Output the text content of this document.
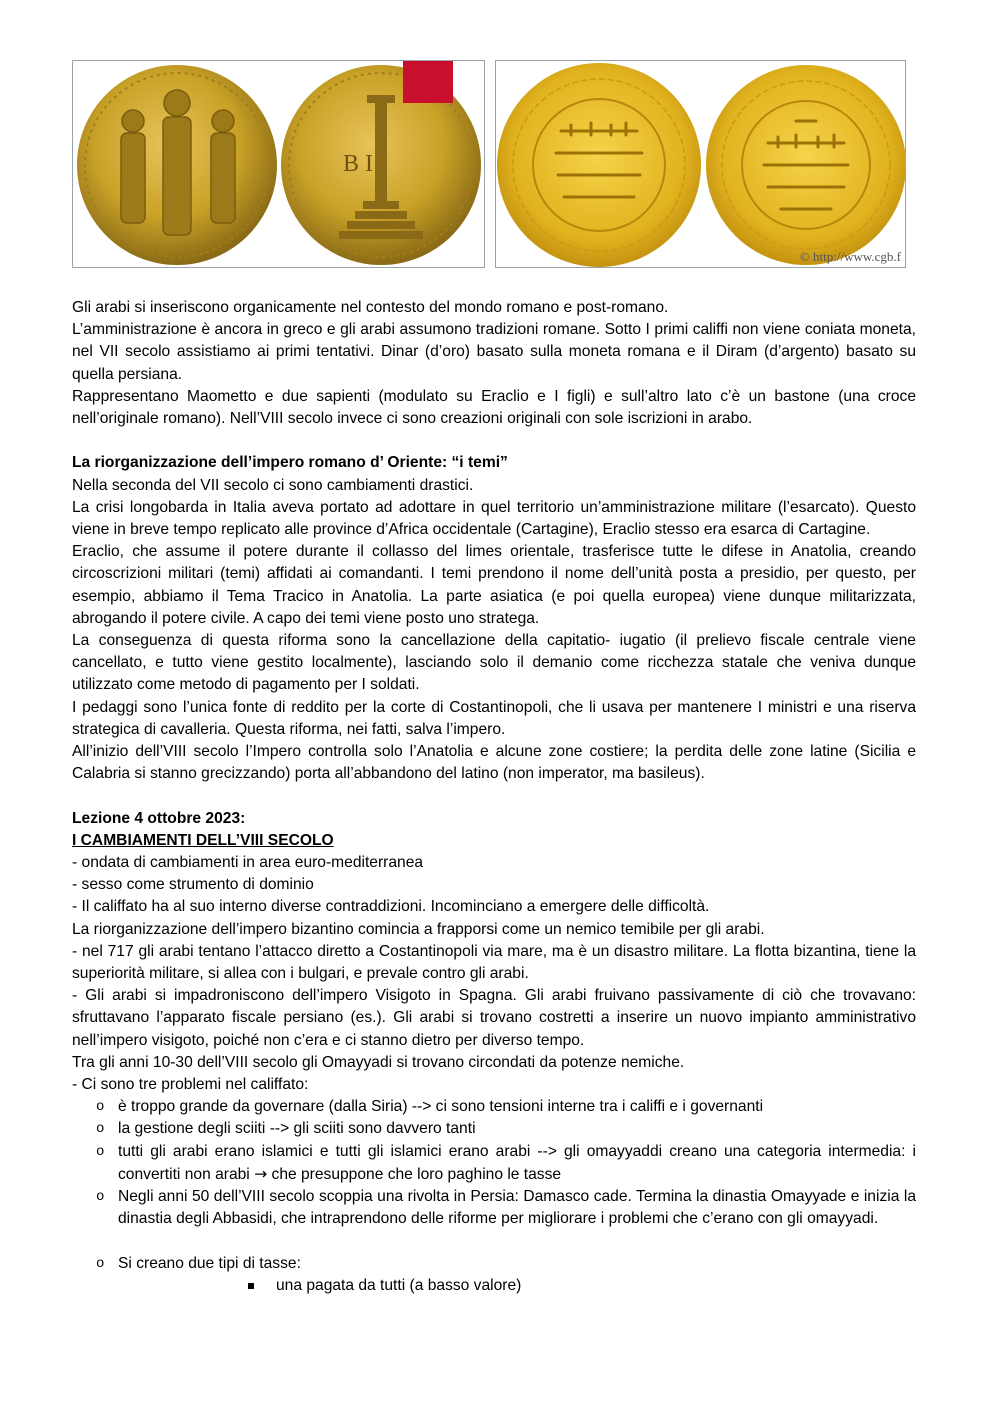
B I
© http://www.cgb.f

Gli arabi si inseriscono organicamente nel contesto del mondo romano e post-romano.

L’amministrazione è ancora in greco e gli arabi assumono tradizioni romane. Sotto I primi califfi non viene coniata moneta, nel VII secolo assistiamo ai primi tentativi. Dinar (d’oro) basato sulla moneta romana e il Diram (d’argento) basato su quella persiana.

Rappresentano Maometto e due sapienti (modulato su Eraclio e I figli) e sull’altro lato c’è un bastone (una croce nell’originale romano). Nell’VIII secolo invece ci sono creazioni originali con sole iscrizioni in arabo.

La riorganizzazione dell’impero romano d’ Oriente: “i temi”

Nella seconda del VII secolo ci sono cambiamenti drastici.

La crisi longobarda in Italia aveva portato ad adottare in quel territorio un’amministrazione militare (l’esarcato). Questo viene in breve tempo replicato alle province d’Africa occidentale (Cartagine), Eraclio stesso era esarca di Cartagine.

Eraclio, che assume il potere durante il collasso del limes orientale, trasferisce tutte le difese in Anatolia, creando circoscrizioni militari (temi) affidati ai comandanti. I temi prendono il nome dell’unità posta a presidio, per questo, per esempio, abbiamo il Tema Tracico in Anatolia. La parte asiatica (e poi quella europea) viene dunque militarizzata, abrogando il potere civile. A capo dei temi viene posto uno stratega.

La conseguenza di questa riforma sono la cancellazione della capitatio- iugatio (il prelievo fiscale centrale viene cancellato, e tutto viene gestito localmente), lasciando solo il demanio come ricchezza statale che veniva dunque utilizzato come metodo di pagamento per I soldati.

I pedaggi sono l’unica fonte di reddito per la corte di Costantinopoli, che li usava per mantenere I ministri e una riserva strategica di cavalleria. Questa riforma, nei fatti, salva l’impero.

All’inizio dell’VIII secolo l’Impero controlla solo l’Anatolia e alcune zone costiere; la perdita delle zone latine (Sicilia e Calabria si stanno grecizzando) porta all’abbandono del latino (non imperator, ma basileus).

Lezione 4 ottobre 2023:

I CAMBIAMENTI DELL’VIII SECOLO

- ondata di cambiamenti in area euro-mediterranea

- sesso come strumento di dominio

- Il califfato ha al suo interno diverse contraddizioni. Incominciano a emergere delle difficoltà.

La riorganizzazione dell’impero bizantino comincia a frapporsi come un nemico temibile per gli arabi.

- nel 717 gli arabi tentano l’attacco diretto a Costantinopoli via mare, ma è un disastro militare. La flotta bizantina, tiene la superiorità militare, si allea con i bulgari, e prevale contro gli arabi.

- Gli arabi si impadroniscono dell’impero Visigoto in Spagna. Gli arabi fruivano passivamente di ciò che trovavano: sfruttavano l’apparato fiscale persiano (es.). Gli arabi si trovano costretti a inserire un nuovo impianto amministrativo nell’impero visigoto, poiché non c’era e ci stanno dietro per diverso tempo.

Tra gli anni 10-30 dell’VIII secolo gli Omayyadi si trovano circondati da potenze nemiche.

- Ci sono tre problemi nel califfato:

o è troppo grande da governare (dalla Siria) --> ci sono tensioni interne tra i califfi e i governanti
o la gestione degli sciiti --> gli sciiti sono davvero tanti
o tutti gli arabi erano islamici e tutti gli islamici erano arabi --> gli omayyaddi creano una categoria intermedia: i convertiti non arabi → che presuppone che loro paghino le tasse
o Negli anni 50 dell’VIII secolo scoppia una rivolta in Persia: Damasco cade. Termina la dinastia Omayyade e inizia la dinastia degli Abbasidi, che intraprendono delle riforme per migliorare i problemi che c’erano con gli omayyadi.
o Si creano due tipi di tasse:
una pagata da tutti (a basso valore)
